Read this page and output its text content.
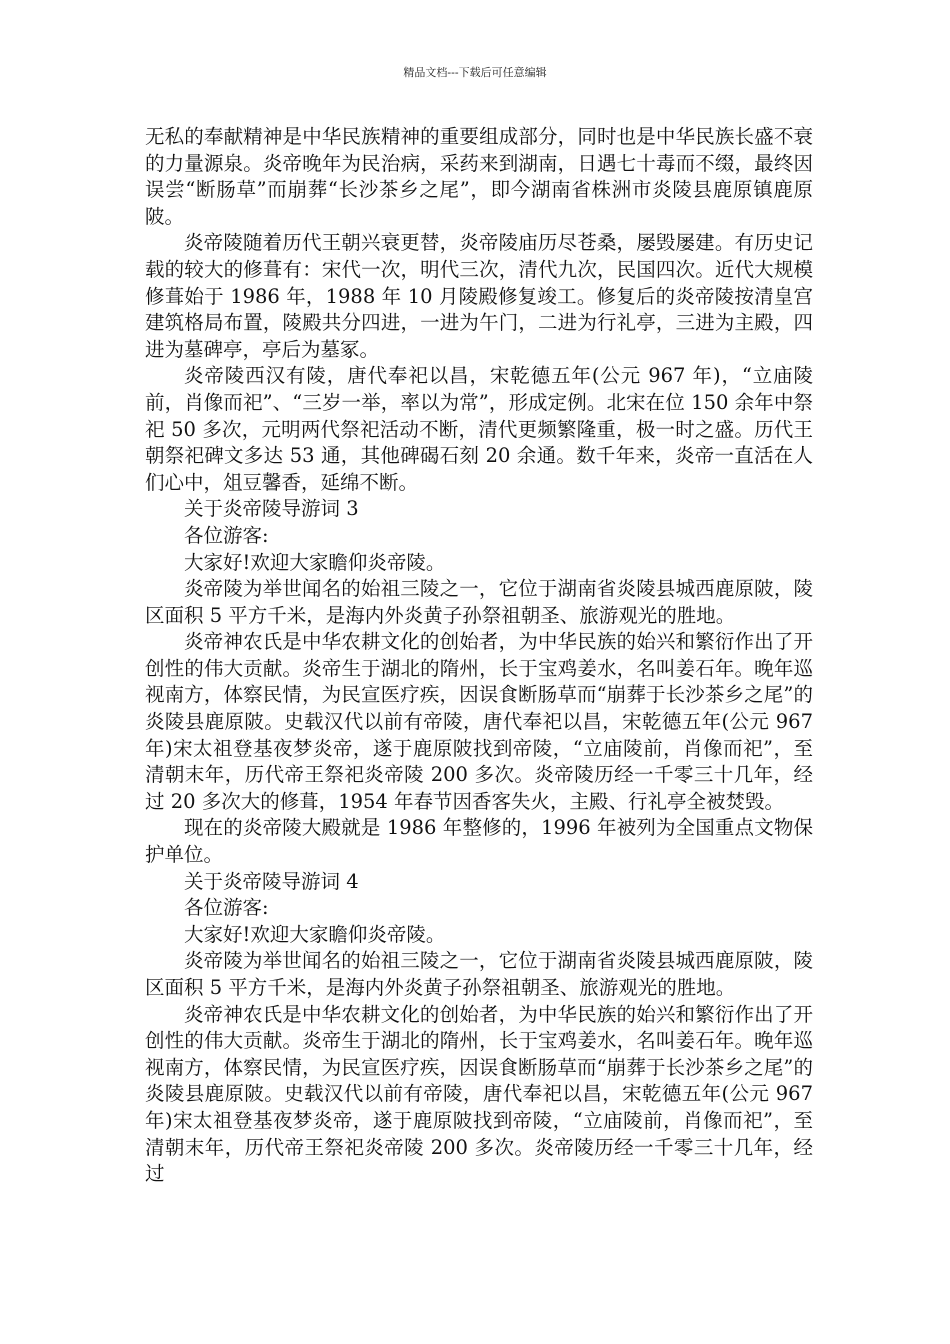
精品文档---下载后可任意编辑

无私的奉献精神是中华民族精神的重要组成部分，同时也是中华民族长盛不衰的力量源泉。炎帝晚年为民治病，采药来到湖南，日遇七十毒而不缀，最终因误尝“断肠草”而崩葬“长沙茶乡之尾”，即今湖南省株洲市炎陵县鹿原镇鹿原陂。

炎帝陵随着历代王朝兴衰更替，炎帝陵庙历尽苍桑，屡毁屡建。有历史记载的较大的修葺有：宋代一次，明代三次，清代九次，民国四次。近代大规模修葺始于 1986 年，1988 年 10 月陵殿修复竣工。修复后的炎帝陵按清皇宫建筑格局布置，陵殿共分四进，一进为午门，二进为行礼亭，三进为主殿，四进为墓碑亭，亭后为墓冢。

炎帝陵西汉有陵，唐代奉祀以昌，宋乾德五年(公元 967 年)，“立庙陵前，肖像而祀”、“三岁一举，率以为常”，形成定例。北宋在位 150 余年中祭祀 50 多次，元明两代祭祀活动不断，清代更频繁隆重，极一时之盛。历代王朝祭祀碑文多达 53 通，其他碑碣石刻 20 余通。数千年来，炎帝一直活在人们心中，俎豆馨香，延绵不断。

关于炎帝陵导游词 3

各位游客:

大家好!欢迎大家瞻仰炎帝陵。

炎帝陵为举世闻名的始祖三陵之一，它位于湖南省炎陵县城西鹿原陂，陵区面积 5 平方千米，是海内外炎黄子孙祭祖朝圣、旅游观光的胜地。

炎帝神农氏是中华农耕文化的创始者，为中华民族的始兴和繁衍作出了开创性的伟大贡献。炎帝生于湖北的隋州，长于宝鸡姜水，名叫姜石年。晚年巡视南方，体察民情，为民宣医疗疾，因误食断肠草而“崩葬于长沙茶乡之尾”的炎陵县鹿原陂。史载汉代以前有帝陵，唐代奉祀以昌，宋乾德五年(公元 967 年)宋太祖登基夜梦炎帝，遂于鹿原陂找到帝陵，“立庙陵前，肖像而祀”，至清朝末年，历代帝王祭祀炎帝陵 200 多次。炎帝陵历经一千零三十几年，经过 20 多次大的修葺，1954 年春节因香客失火，主殿、行礼亭全被焚毁。

现在的炎帝陵大殿就是 1986 年整修的，1996 年被列为全国重点文物保护单位。

关于炎帝陵导游词 4

各位游客:

大家好!欢迎大家瞻仰炎帝陵。

炎帝陵为举世闻名的始祖三陵之一，它位于湖南省炎陵县城西鹿原陂，陵区面积 5 平方千米，是海内外炎黄子孙祭祖朝圣、旅游观光的胜地。

炎帝神农氏是中华农耕文化的创始者，为中华民族的始兴和繁衍作出了开创性的伟大贡献。炎帝生于湖北的隋州，长于宝鸡姜水，名叫姜石年。晚年巡视南方，体察民情，为民宣医疗疾，因误食断肠草而“崩葬于长沙茶乡之尾”的炎陵县鹿原陂。史载汉代以前有帝陵，唐代奉祀以昌，宋乾德五年(公元 967 年)宋太祖登基夜梦炎帝，遂于鹿原陂找到帝陵，“立庙陵前，肖像而祀”，至清朝末年，历代帝王祭祀炎帝陵 200 多次。炎帝陵历经一千零三十几年，经过
